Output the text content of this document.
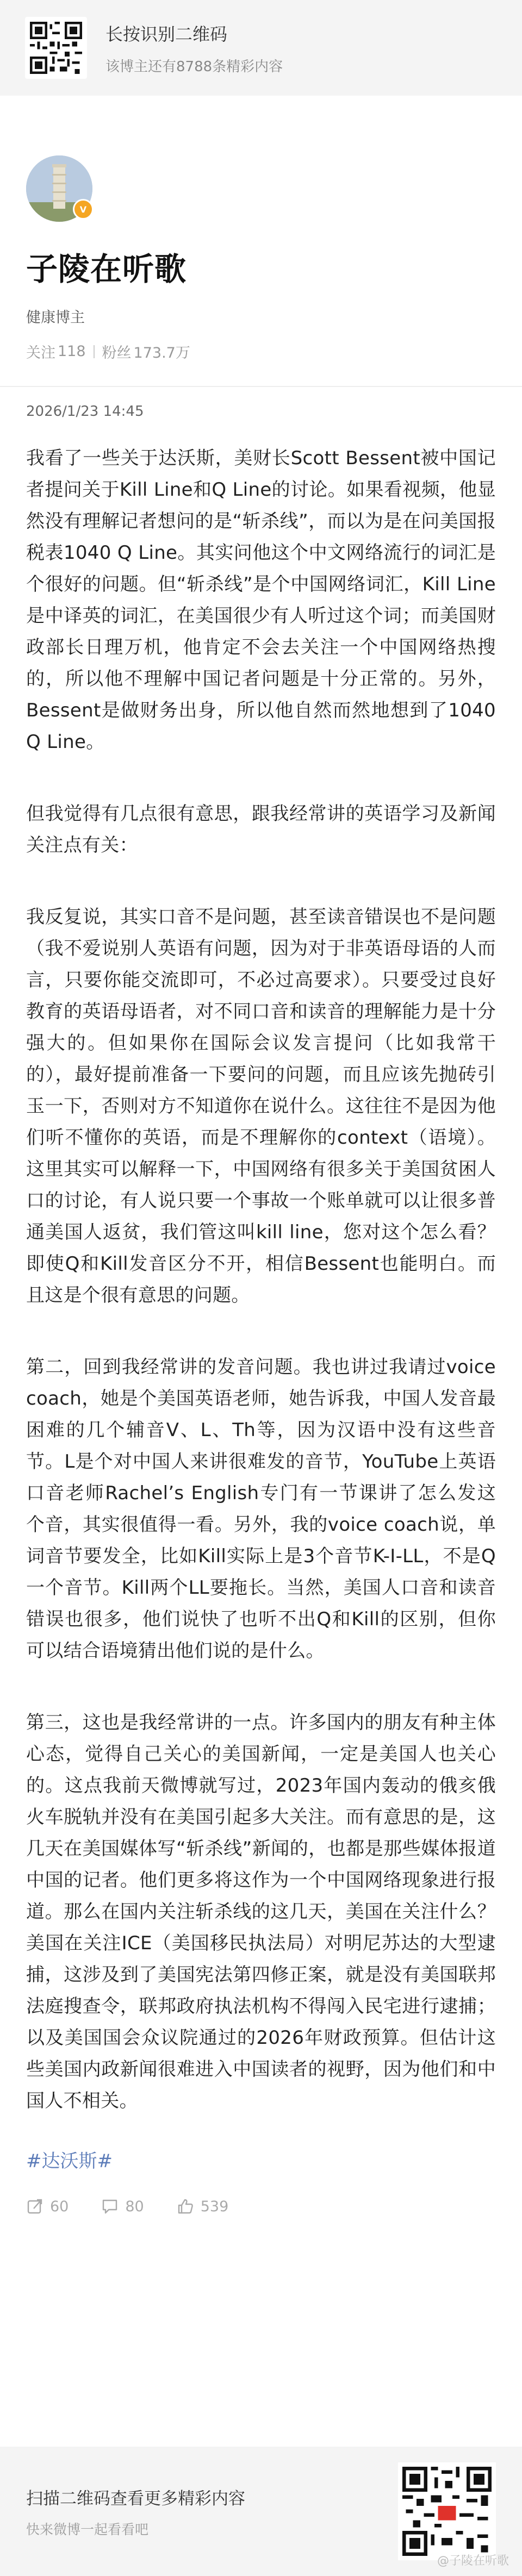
长按识别二维码
该博主还有8788条精彩内容
V
子陵在听歌
健康博主
关注 118 粉丝 173.7万
2026/1/23 14:45

我看了一些关于达沃斯，美财长Scott Bessent被中国记者提问关于Kill Line和Q Line的讨论。如果看视频，他显然没有理解记者想问的是“斩杀线”，而以为是在问美国报税表1040 Q Line。其实问他这个中文网络流行的词汇是个很好的问题。但“斩杀线”是个中国网络词汇，Kill Line是中译英的词汇，在美国很少有人听过这个词；而美国财政部长日理万机，他肯定不会去关注一个中国网络热搜的，所以他不理解中国记者问题是十分正常的。另外，Bessent是做财务出身，所以他自然而然地想到了1040 Q Line。

但我觉得有几点很有意思，跟我经常讲的英语学习及新闻关注点有关：

我反复说，其实口音不是问题，甚至读音错误也不是问题（我不爱说别人英语有问题，因为对于非英语母语的人而言，只要你能交流即可，不必过高要求）。只要受过良好教育的英语母语者，对不同口音和读音的理解能力是十分强大的。但如果你在国际会议发言提问（比如我常干的），最好提前准备一下要问的问题，而且应该先抛砖引玉一下，否则对方不知道你在说什么。这往往不是因为他们听不懂你的英语，而是不理解你的context（语境）。这里其实可以解释一下，中国网络有很多关于美国贫困人口的讨论，有人说只要一个事故一个账单就可以让很多普通美国人返贫，我们管这叫kill line，您对这个怎么看？即使Q和Kill发音区分不开，相信Bessent也能明白。而且这是个很有意思的问题。

第二，回到我经常讲的发音问题。我也讲过我请过voice coach，她是个美国英语老师，她告诉我，中国人发音最困难的几个辅音V、L、Th等，因为汉语中没有这些音节。L是个对中国人来讲很难发的音节，YouTube上英语口音老师Rachel’s English专门有一节课讲了怎么发这个音，其实很值得一看。另外，我的voice coach说，单词音节要发全，比如Kill实际上是3个音节K-I-LL，不是Q一个音节。Kill两个LL要拖长。当然，美国人口音和读音错误也很多，他们说快了也听不出Q和Kill的区别，但你可以结合语境猜出他们说的是什么。

第三，这也是我经常讲的一点。许多国内的朋友有种主体心态，觉得自己关心的美国新闻，一定是美国人也关心的。这点我前天微博就写过，2023年国内轰动的俄亥俄火车脱轨并没有在美国引起多大关注。而有意思的是，这几天在美国媒体写“斩杀线”新闻的，也都是那些媒体报道中国的记者。他们更多将这作为一个中国网络现象进行报道。那么在国内关注斩杀线的这几天，美国在关注什么？美国在关注ICE（美国移民执法局）对明尼苏达的大型逮捕，这涉及到了美国宪法第四修正案，就是没有美国联邦法庭搜查令，联邦政府执法机构不得闯入民宅进行逮捕；以及美国国会众议院通过的2026年财政预算。但估计这些美国内政新闻很难进入中国读者的视野，因为他们和中国人不相关。

#达沃斯#
60	80	539
扫描二维码查看更多精彩内容
快来微博一起看看吧
@子陵在听歌
